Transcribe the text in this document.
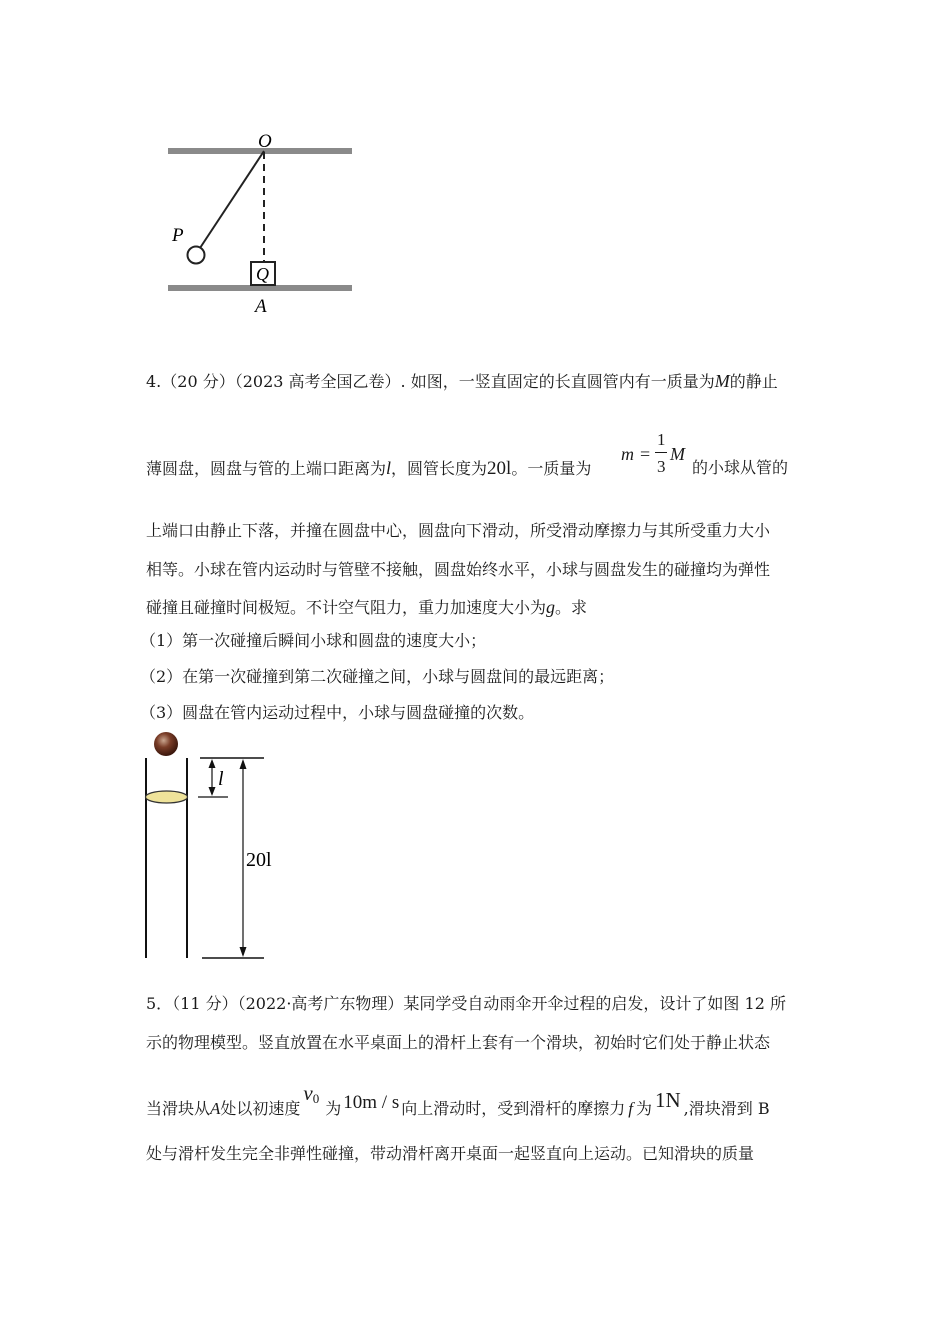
O
P
Q
A
4.（20 分）（2023 高考全国乙卷）. 如图，一竖直固定的长直圆管内有一质量为M的静止
薄圆盘，圆盘与管的上端口距离为l，圆管长度为20l。一质量为
m =
1
3
M
的小球从管的
上端口由静止下落，并撞在圆盘中心，圆盘向下滑动，所受滑动摩擦力与其所受重力大小
相等。小球在管内运动时与管壁不接触，圆盘始终水平，小球与圆盘发生的碰撞均为弹性
碰撞且碰撞时间极短。不计空气阻力，重力加速度大小为g。求
（1）第一次碰撞后瞬间小球和圆盘的速度大小；
（2）在第一次碰撞到第二次碰撞之间，小球与圆盘间的最远距离；
（3）圆盘在管内运动过程中，小球与圆盘碰撞的次数。
l
20l
5．（11 分）（2022·高考广东物理）某同学受自动雨伞开伞过程的启发，设计了如图 12 所
示的物理模型。竖直放置在水平桌面上的滑杆上套有一个滑块，初始时它们处于静止状态
当滑块从A处以初速度v0为 10m / s 向上滑动时，受到滑杆的摩擦力 f 为 1N ,滑块滑到 B
处与滑杆发生完全非弹性碰撞，带动滑杆离开桌面一起竖直向上运动。已知滑块的质量
